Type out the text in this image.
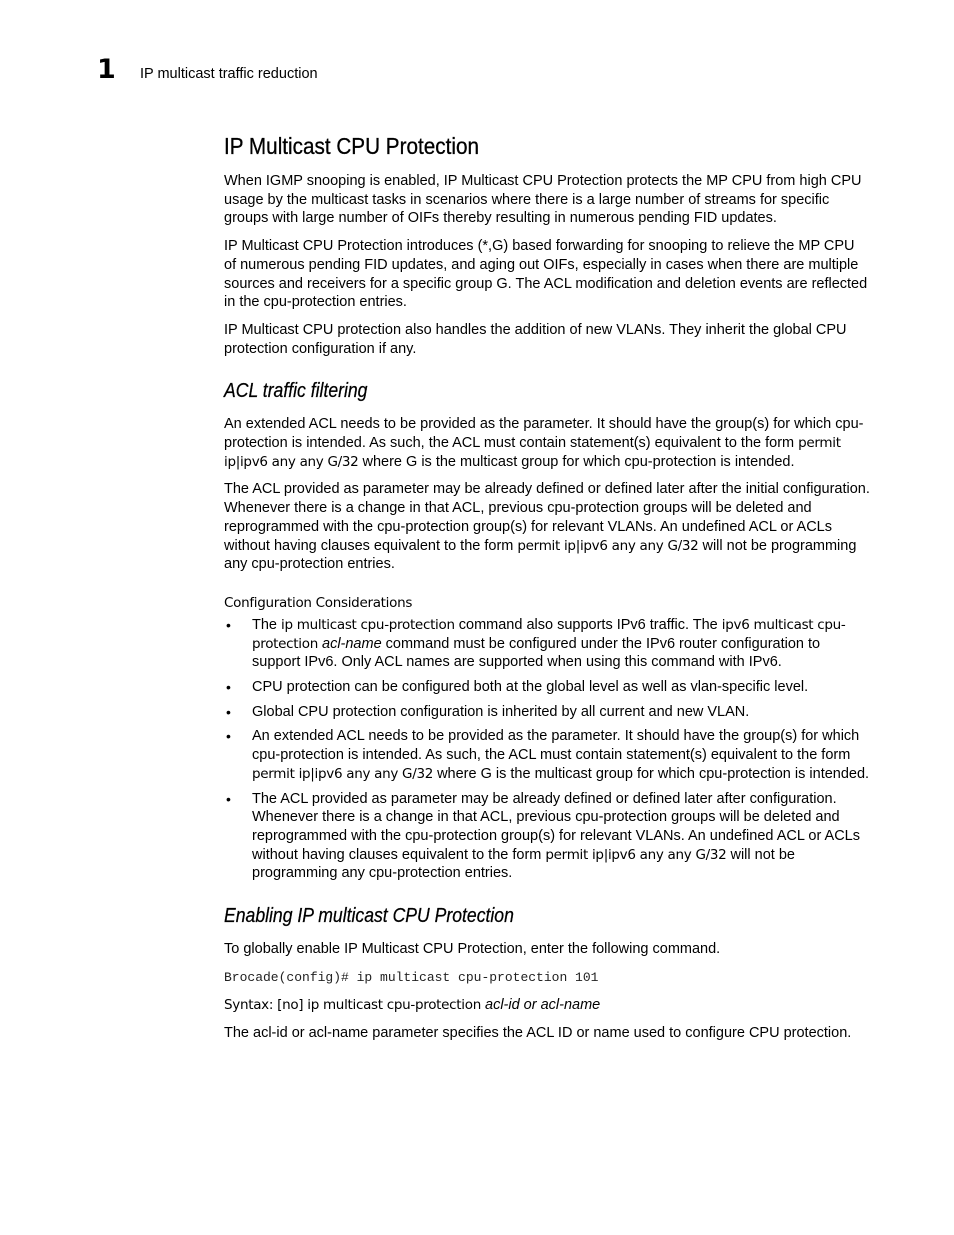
1 IP multicast traffic reduction
IP Multicast CPU Protection

When IGMP snooping is enabled, IP Multicast CPU Protection protects the MP CPU from high CPU usage by the multicast tasks in scenarios where there is a large number of streams for specific groups with large number of OIFs thereby resulting in numerous pending FID updates.

IP Multicast CPU Protection introduces (*,G) based forwarding for snooping to relieve the MP CPU of numerous pending FID updates, and aging out OIFs, especially in cases when there are multiple sources and receivers for a specific group G. The ACL modification and deletion events are reflected in the cpu-protection entries.

IP Multicast CPU protection also handles the addition of new VLANs. They inherit the global CPU protection configuration if any.

ACL traffic filtering

An extended ACL needs to be provided as the parameter. It should have the group(s) for which cpu-protection is intended. As such, the ACL must contain statement(s) equivalent to the form permit ip|ipv6 any any G/32 where G is the multicast group for which cpu-protection is intended.

The ACL provided as parameter may be already defined or defined later after the initial configuration. Whenever there is a change in that ACL, previous cpu-protection groups will be deleted and reprogrammed with the cpu-protection group(s) for relevant VLANs. An undefined ACL or ACLs without having clauses equivalent to the form permit ip|ipv6 any any G/32 will not be programming any cpu-protection entries.

Configuration Considerations
• The ip multicast cpu-protection command also supports IPv6 traffic. The ipv6 multicast cpu-protection acl-name command must be configured under the IPv6 router configuration to support IPv6. Only ACL names are supported when using this command with IPv6.
• CPU protection can be configured both at the global level as well as vlan-specific level.
• Global CPU protection configuration is inherited by all current and new VLAN.
• An extended ACL needs to be provided as the parameter. It should have the group(s) for which cpu-protection is intended. As such, the ACL must contain statement(s) equivalent to the form permit ip|ipv6 any any G/32 where G is the multicast group for which cpu-protection is intended.
• The ACL provided as parameter may be already defined or defined later after configuration. Whenever there is a change in that ACL, previous cpu-protection groups will be deleted and reprogrammed with the cpu-protection group(s) for relevant VLANs. An undefined ACL or ACLs without having clauses equivalent to the form permit ip|ipv6 any any G/32 will not be programming any cpu-protection entries.
Enabling IP multicast CPU Protection

To globally enable IP Multicast CPU Protection, enter the following command.

Brocade(config)# ip multicast cpu-protection 101
Syntax: [no] ip multicast cpu-protection acl-id or acl-name

The acl-id or acl-name parameter specifies the ACL ID or name used to configure CPU protection.
